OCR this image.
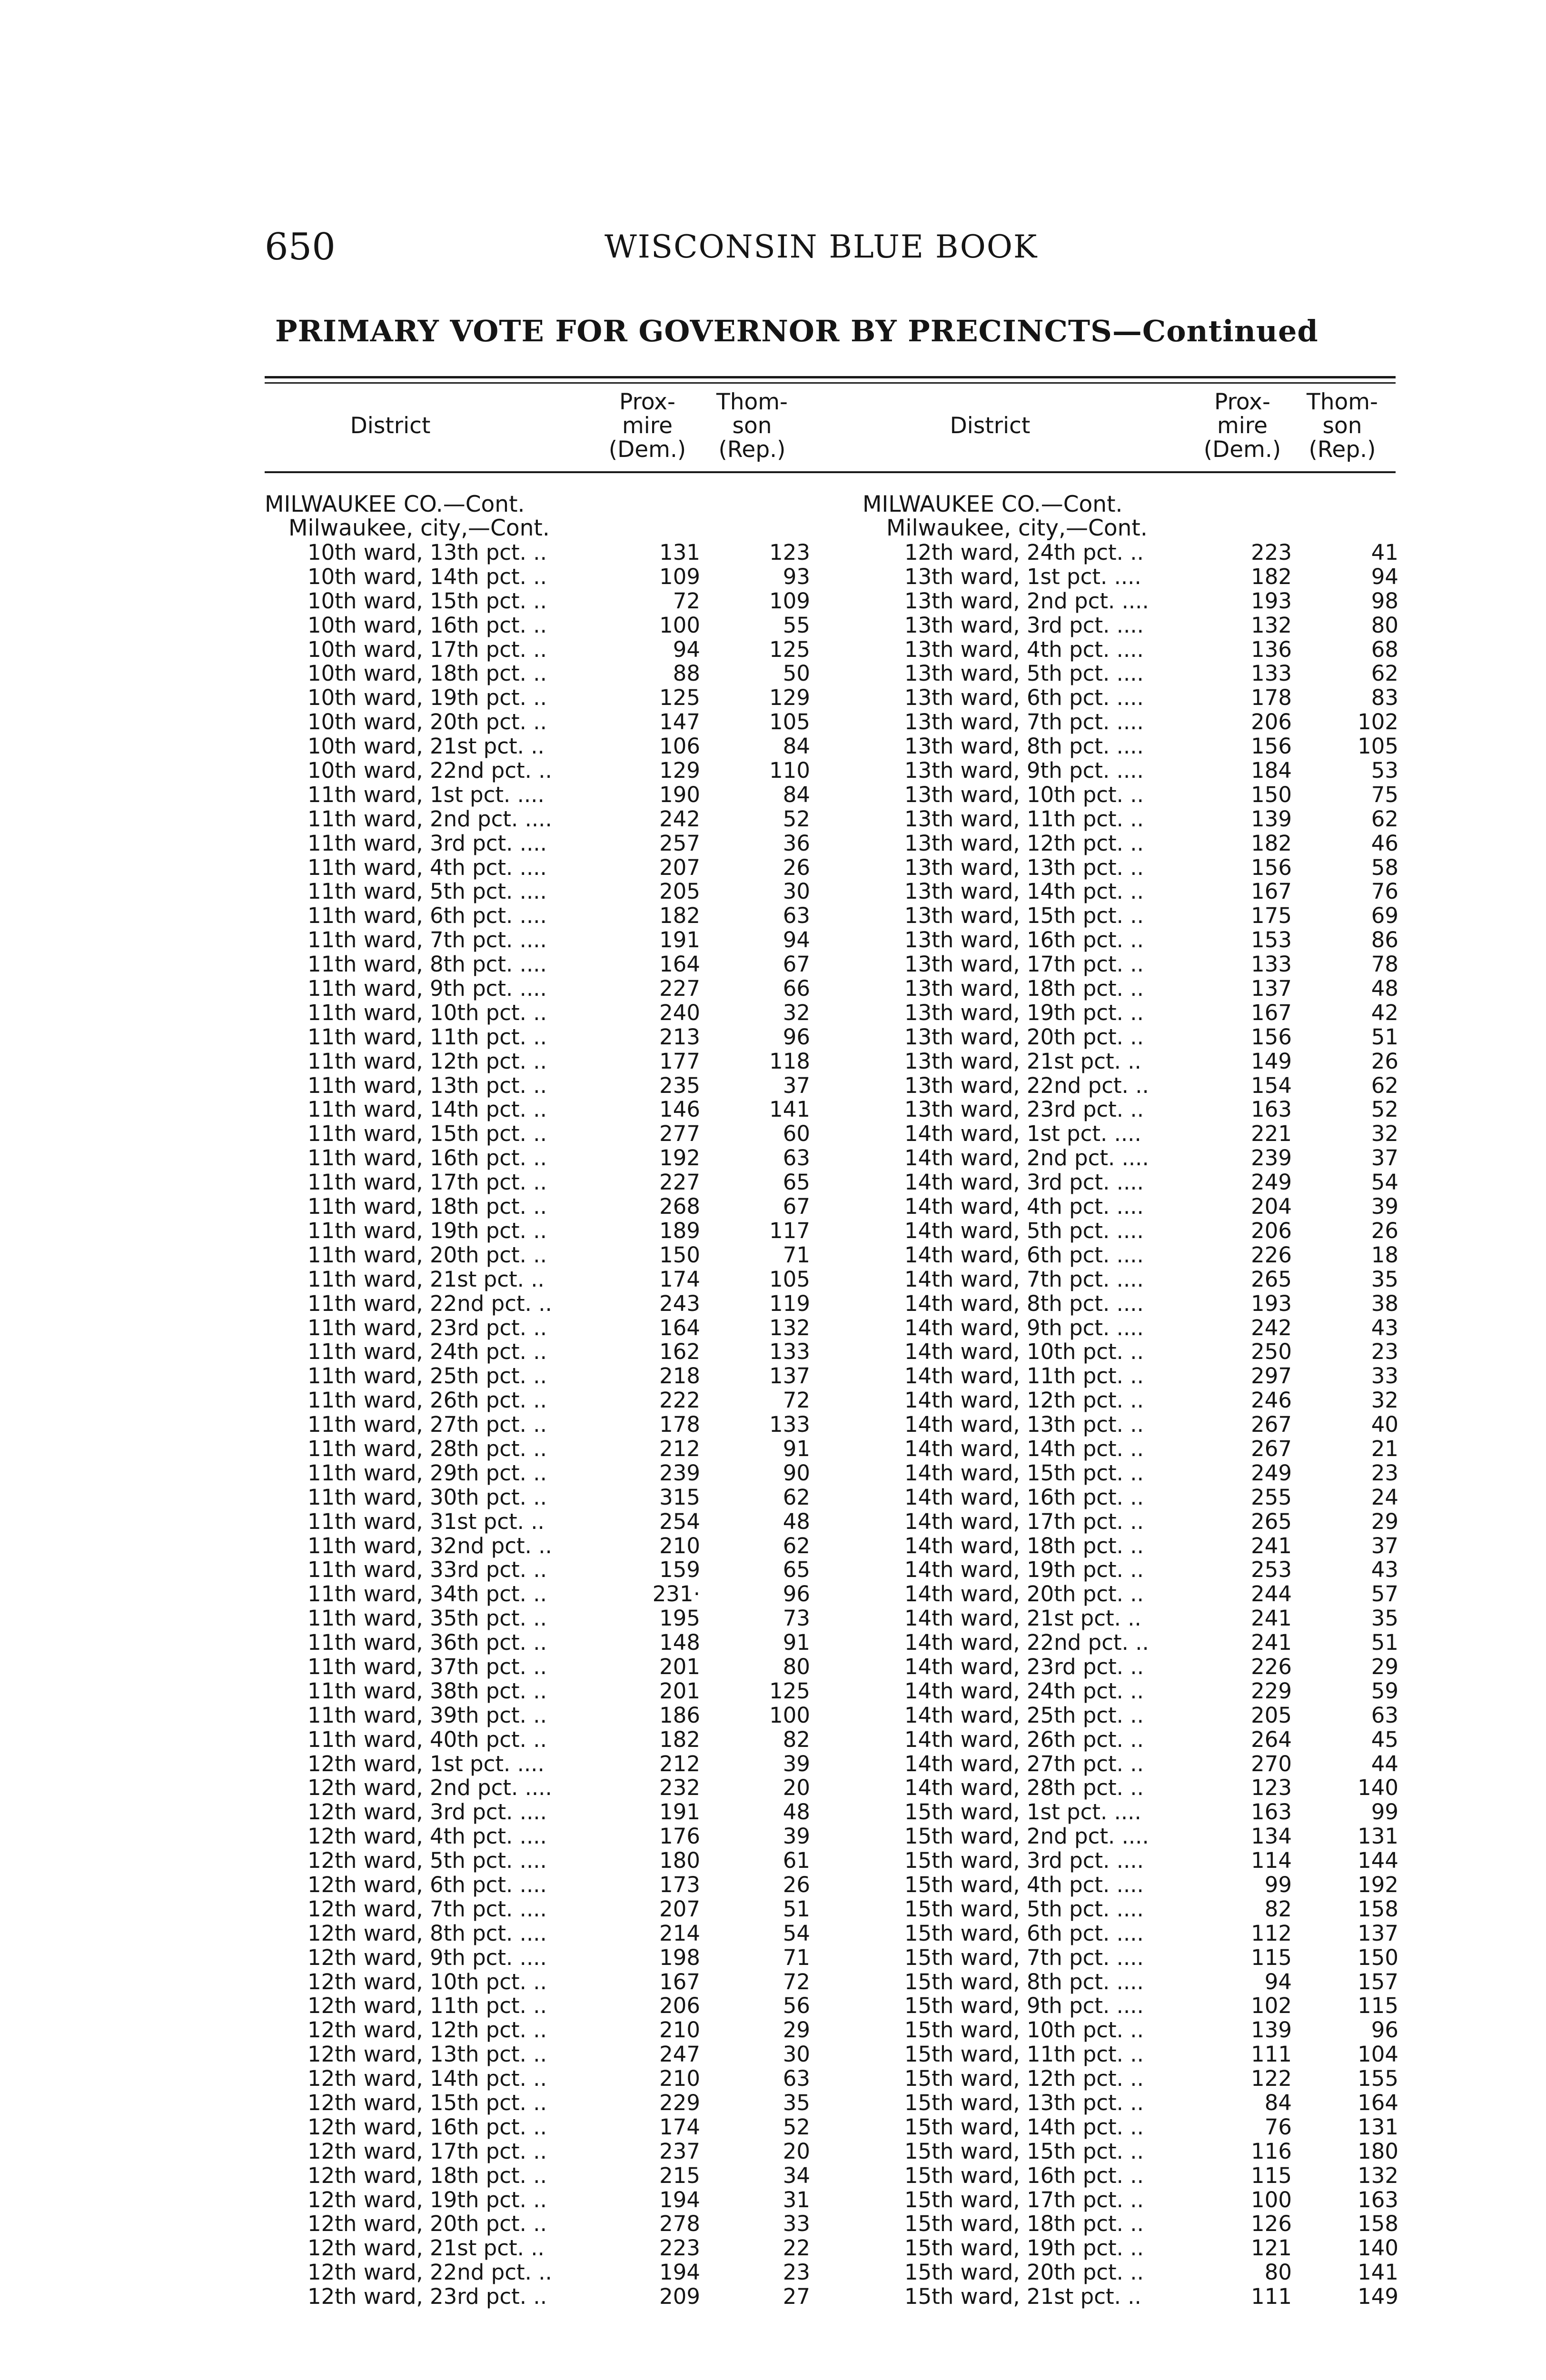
650	WISCONSIN BLUE BOOK
PRIMARY VOTE FOR GOVERNOR BY PRECINCTS—Continued
District
Prox-
mire
(Dem.)
Thom-
son
(Rep.)
District
Prox-
mire
(Dem.)
Thom-
son
(Rep.)
MILWAUKEE CO.—Cont.
Milwaukee, city,—Cont.
MILWAUKEE CO.—Cont.
Milwaukee, city,—Cont.
10th ward, 13th pct. ..	131	123
10th ward, 14th pct. ..	109	93
10th ward, 15th pct. ..	72	109
10th ward, 16th pct. ..	100	55
10th ward, 17th pct. ..	94	125
10th ward, 18th pct. ..	88	50
10th ward, 19th pct. ..	125	129
10th ward, 20th pct. ..	147	105
10th ward, 21st pct. ..	106	84
10th ward, 22nd pct. ..	129	110
11th ward, 1st pct. ....	190	84
11th ward, 2nd pct. ....	242	52
11th ward, 3rd pct. ....	257	36
11th ward, 4th pct. ....	207	26
11th ward, 5th pct. ....	205	30
11th ward, 6th pct. ....	182	63
11th ward, 7th pct. ....	191	94
11th ward, 8th pct. ....	164	67
11th ward, 9th pct. ....	227	66
11th ward, 10th pct. ..	240	32
11th ward, 11th pct. ..	213	96
11th ward, 12th pct. ..	177	118
11th ward, 13th pct. ..	235	37
11th ward, 14th pct. ..	146	141
11th ward, 15th pct. ..	277	60
11th ward, 16th pct. ..	192	63
11th ward, 17th pct. ..	227	65
11th ward, 18th pct. ..	268	67
11th ward, 19th pct. ..	189	117
11th ward, 20th pct. ..	150	71
11th ward, 21st pct. ..	174	105
11th ward, 22nd pct. ..	243	119
11th ward, 23rd pct. ..	164	132
11th ward, 24th pct. ..	162	133
11th ward, 25th pct. ..	218	137
11th ward, 26th pct. ..	222	72
11th ward, 27th pct. ..	178	133
11th ward, 28th pct. ..	212	91
11th ward, 29th pct. ..	239	90
11th ward, 30th pct. ..	315	62
11th ward, 31st pct. ..	254	48
11th ward, 32nd pct. ..	210	62
11th ward, 33rd pct. ..	159	65
11th ward, 34th pct. ..	231·	96
11th ward, 35th pct. ..	195	73
11th ward, 36th pct. ..	148	91
11th ward, 37th pct. ..	201	80
11th ward, 38th pct. ..	201	125
11th ward, 39th pct. ..	186	100
11th ward, 40th pct. ..	182	82
12th ward, 1st pct. ....	212	39
12th ward, 2nd pct. ....	232	20
12th ward, 3rd pct. ....	191	48
12th ward, 4th pct. ....	176	39
12th ward, 5th pct. ....	180	61
12th ward, 6th pct. ....	173	26
12th ward, 7th pct. ....	207	51
12th ward, 8th pct. ....	214	54
12th ward, 9th pct. ....	198	71
12th ward, 10th pct. ..	167	72
12th ward, 11th pct. ..	206	56
12th ward, 12th pct. ..	210	29
12th ward, 13th pct. ..	247	30
12th ward, 14th pct. ..	210	63
12th ward, 15th pct. ..	229	35
12th ward, 16th pct. ..	174	52
12th ward, 17th pct. ..	237	20
12th ward, 18th pct. ..	215	34
12th ward, 19th pct. ..	194	31
12th ward, 20th pct. ..	278	33
12th ward, 21st pct. ..	223	22
12th ward, 22nd pct. ..	194	23
12th ward, 23rd pct. ..	209	27
12th ward, 24th pct. ..	223	41
13th ward, 1st pct. ....	182	94
13th ward, 2nd pct. ....	193	98
13th ward, 3rd pct. ....	132	80
13th ward, 4th pct. ....	136	68
13th ward, 5th pct. ....	133	62
13th ward, 6th pct. ....	178	83
13th ward, 7th pct. ....	206	102
13th ward, 8th pct. ....	156	105
13th ward, 9th pct. ....	184	53
13th ward, 10th pct. ..	150	75
13th ward, 11th pct. ..	139	62
13th ward, 12th pct. ..	182	46
13th ward, 13th pct. ..	156	58
13th ward, 14th pct. ..	167	76
13th ward, 15th pct. ..	175	69
13th ward, 16th pct. ..	153	86
13th ward, 17th pct. ..	133	78
13th ward, 18th pct. ..	137	48
13th ward, 19th pct. ..	167	42
13th ward, 20th pct. ..	156	51
13th ward, 21st pct. ..	149	26
13th ward, 22nd pct. ..	154	62
13th ward, 23rd pct. ..	163	52
14th ward, 1st pct. ....	221	32
14th ward, 2nd pct. ....	239	37
14th ward, 3rd pct. ....	249	54
14th ward, 4th pct. ....	204	39
14th ward, 5th pct. ....	206	26
14th ward, 6th pct. ....	226	18
14th ward, 7th pct. ....	265	35
14th ward, 8th pct. ....	193	38
14th ward, 9th pct. ....	242	43
14th ward, 10th pct. ..	250	23
14th ward, 11th pct. ..	297	33
14th ward, 12th pct. ..	246	32
14th ward, 13th pct. ..	267	40
14th ward, 14th pct. ..	267	21
14th ward, 15th pct. ..	249	23
14th ward, 16th pct. ..	255	24
14th ward, 17th pct. ..	265	29
14th ward, 18th pct. ..	241	37
14th ward, 19th pct. ..	253	43
14th ward, 20th pct. ..	244	57
14th ward, 21st pct. ..	241	35
14th ward, 22nd pct. ..	241	51
14th ward, 23rd pct. ..	226	29
14th ward, 24th pct. ..	229	59
14th ward, 25th pct. ..	205	63
14th ward, 26th pct. ..	264	45
14th ward, 27th pct. ..	270	44
14th ward, 28th pct. ..	123	140
15th ward, 1st pct. ....	163	99
15th ward, 2nd pct. ....	134	131
15th ward, 3rd pct. ....	114	144
15th ward, 4th pct. ....	99	192
15th ward, 5th pct. ....	82	158
15th ward, 6th pct. ....	112	137
15th ward, 7th pct. ....	115	150
15th ward, 8th pct. ....	94	157
15th ward, 9th pct. ....	102	115
15th ward, 10th pct. ..	139	96
15th ward, 11th pct. ..	111	104
15th ward, 12th pct. ..	122	155
15th ward, 13th pct. ..	84	164
15th ward, 14th pct. ..	76	131
15th ward, 15th pct. ..	116	180
15th ward, 16th pct. ..	115	132
15th ward, 17th pct. ..	100	163
15th ward, 18th pct. ..	126	158
15th ward, 19th pct. ..	121	140
15th ward, 20th pct. ..	80	141
15th ward, 21st pct. ..	111	149
